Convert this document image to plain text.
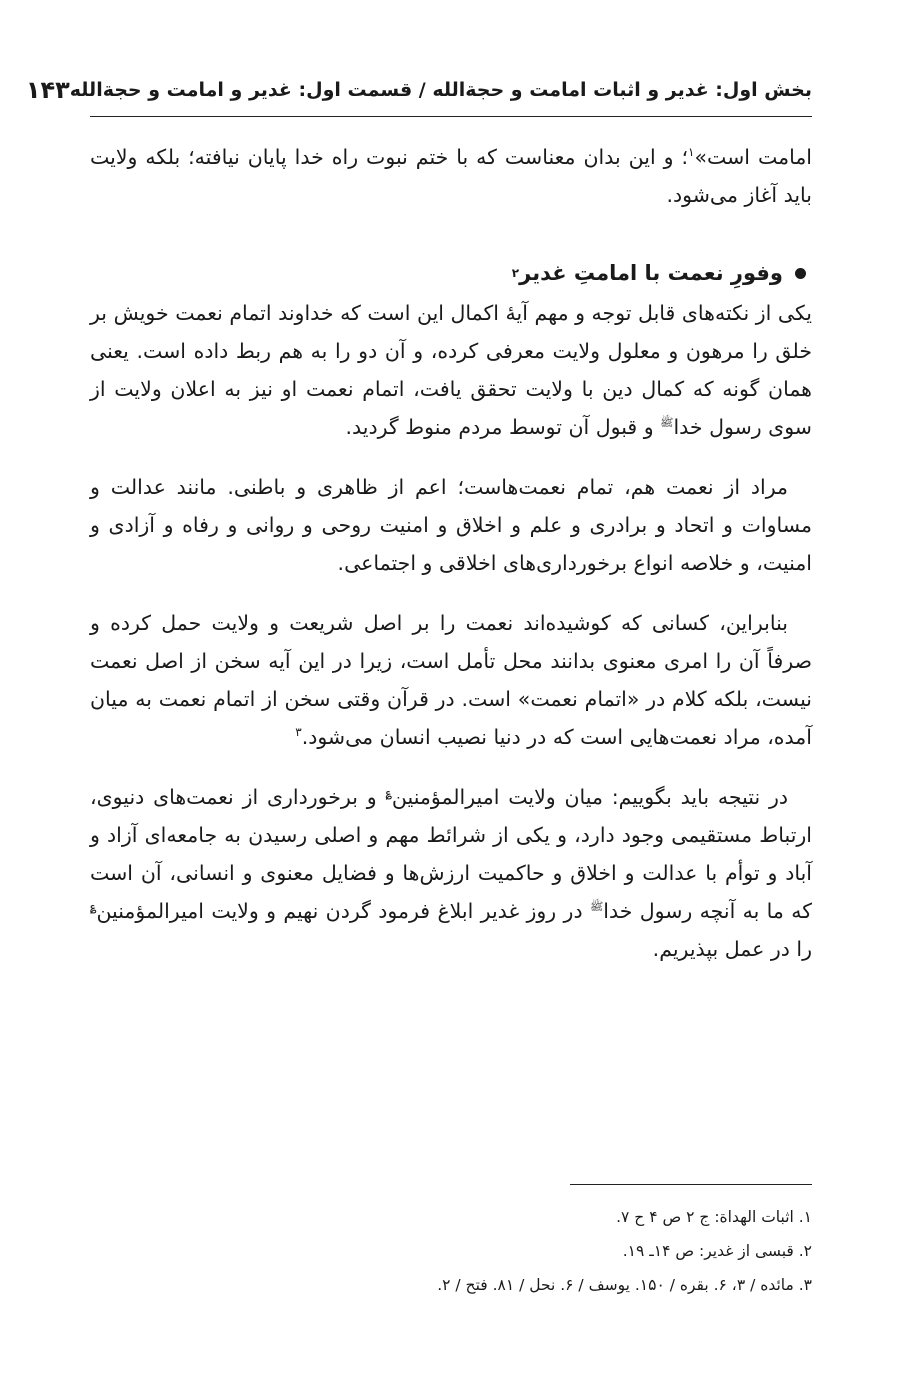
بخش اول: غدیر و اثبات امامت و حجةالله / قسمت اول: غدیر و امامت و حجةالله
۱۴۳

امامت است»$^۱$؛ و این بدان معناست که با ختم نبوت راه خدا پایان نیافته؛ بلکه ولایت باید آغاز می‌شود.

وفورِ نعمت با امامتِ غدیر
۲

یکی از نکته‌های قابل توجه و مهم آیهٔ اکمال این است که خداوند اتمام نعمت خویش بر خلق را مرهون و معلول ولایت معرفی کرده، و آن دو را به هم ربط داده است. یعنی همان گونه که کمال دین با ولایت تحقق یافت، اتمام نعمت او نیز به اعلان ولایت از سوی رسول خدا$^ﷺ$ و قبول آن توسط مردم منوط گردید.

مراد از نعمت هم، تمام نعمت‌هاست؛ اعم از ظاهری و باطنی. مانند عدالت و مساوات و اتحاد و برادری و علم و اخلاق و امنیت روحی و روانی و رفاه و آزادی و امنیت، و خلاصه انواع برخورداری‌های اخلاقی و اجتماعی.

بنابراین، کسانی که کوشیده‌اند نعمت را بر اصل شریعت و ولایت حمل کرده و صرفاً آن را امری معنوی بدانند محل تأمل است، زیرا در این آیه سخن از اصل نعمت نیست، بلکه کلام در «اتمام نعمت» است. در قرآن وقتی سخن از اتمام نعمت به میان آمده، مراد نعمت‌هایی است که در دنیا نصیب انسان می‌شود.$^۳$

در نتیجه باید بگوییم: میان ولایت امیرالمؤمنین؏ و برخورداری از نعمت‌های دنیوی، ارتباط مستقیمی وجود دارد، و یکی از شرائط مهم و اصلی رسیدن به جامعه‌ای آزاد و آباد و توأم با عدالت و اخلاق و حاکمیت ارزش‌ها و فضایل معنوی و انسانی، آن است که ما به آنچه رسول خدا$^ﷺ$ در روز غدیر ابلاغ فرمود گردن نهیم و ولایت امیرالمؤمنین؏ را در عمل بپذیریم.

۱. اثبات الهداة: ج ۲ ص ۴ ح ۷.

۲. قبسی از غدیر: ص ۱۴ـ ۱۹.

۳. مائده / ۳، ۶. بقره / ۱۵۰. یوسف / ۶. نحل / ۸۱. فتح / ۲.
